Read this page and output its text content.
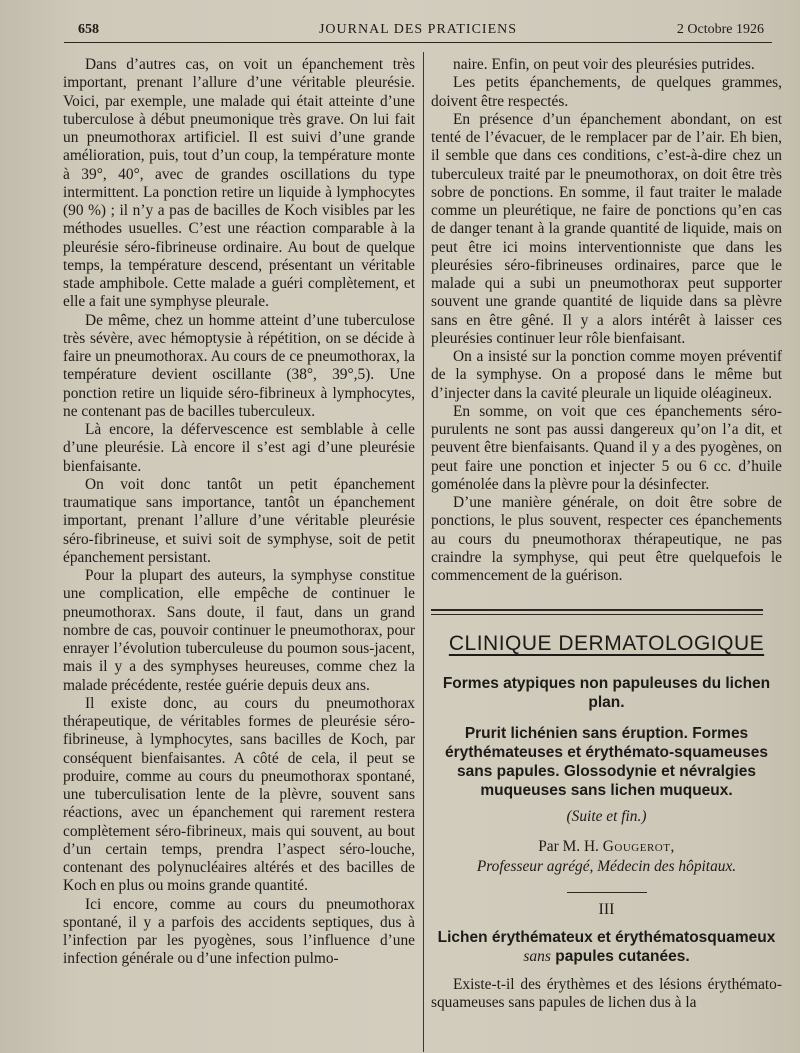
658	JOURNAL DES PRATICIENS	2 Octobre 1926

Dans d’autres cas, on voit un épanchement très important, prenant l’allure d’une véritable pleurésie. Voici, par exemple, une malade qui était atteinte d’une tuberculose à début pneumonique très grave. On lui fait un pneumothorax artificiel. Il est suivi d’une grande amélioration, puis, tout d’un coup, la température monte à 39°, 40°, avec de grandes oscillations du type intermittent. La ponction retire un liquide à lymphocytes (90 %) ; il n’y a pas de bacilles de Koch visibles par les méthodes usuelles. C’est une réaction comparable à la pleurésie séro-fibrineuse ordinaire. Au bout de quelque temps, la température descend, présentant un véritable stade amphibole. Cette malade a guéri complètement, et elle a fait une symphyse pleurale.

De même, chez un homme atteint d’une tuberculose très sévère, avec hémoptysie à répétition, on se décide à faire un pneumothorax. Au cours de ce pneumothorax, la température devient oscillante (38°, 39°,5). Une ponction retire un liquide séro-fibrineux à lymphocytes, ne contenant pas de bacilles tuberculeux.

Là encore, la défervescence est semblable à celle d’une pleurésie. Là encore il s’est agi d’une pleurésie bienfaisante.

On voit donc tantôt un petit épanchement traumatique sans importance, tantôt un épanchement important, prenant l’allure d’une véritable pleurésie séro-fibrineuse, et suivi soit de symphyse, soit de petit épanchement persistant.

Pour la plupart des auteurs, la symphyse constitue une complication, elle empêche de continuer le pneumothorax. Sans doute, il faut, dans un grand nombre de cas, pouvoir continuer le pneumothorax, pour enrayer l’évolution tuberculeuse du poumon sous-jacent, mais il y a des symphyses heureuses, comme chez la malade précédente, restée guérie depuis deux ans.

Il existe donc, au cours du pneumothorax thérapeutique, de véritables formes de pleurésie séro-fibrineuse, à lymphocytes, sans bacilles de Koch, par conséquent bienfaisantes. A côté de cela, il peut se produire, comme au cours du pneumothorax spontané, une tuberculisation lente de la plèvre, souvent sans réactions, avec un épanchement qui rarement restera complètement séro-fibrineux, mais qui souvent, au bout d’un certain temps, prendra l’aspect séro-louche, contenant des polynucléaires altérés et des bacilles de Koch en plus ou moins grande quantité.

Ici encore, comme au cours du pneumothorax spontané, il y a parfois des accidents septiques, dus à l’infection par les pyogènes, sous l’influence d’une infection générale ou d’une infection pulmo-

naire. Enfin, on peut voir des pleurésies putrides.

Les petits épanchements, de quelques grammes, doivent être respectés.

En présence d’un épanchement abondant, on est tenté de l’évacuer, de le remplacer par de l’air. Eh bien, il semble que dans ces conditions, c’est-à-dire chez un tuberculeux traité par le pneumothorax, on doit être très sobre de ponctions. En somme, il faut traiter le malade comme un pleurétique, ne faire de ponctions qu’en cas de danger tenant à la grande quantité de liquide, mais on peut être ici moins interventionniste que dans les pleurésies séro-fibrineuses ordinaires, parce que le malade qui a subi un pneumothorax peut supporter souvent une grande quantité de liquide dans sa plèvre sans en être gêné. Il y a alors intérêt à laisser ces pleurésies continuer leur rôle bienfaisant.

On a insisté sur la ponction comme moyen préventif de la symphyse. On a proposé dans le même but d’injecter dans la cavité pleurale un liquide oléagineux.

En somme, on voit que ces épanchements séro-purulents ne sont pas aussi dangereux qu’on l’a dit, et peuvent être bienfaisants. Quand il y a des pyogènes, on peut faire une ponction et injecter 5 ou 6 cc. d’huile goménolée dans la plèvre pour la désinfecter.

D’une manière générale, on doit être sobre de ponctions, le plus souvent, respecter ces épanchements au cours du pneumothorax thérapeutique, ne pas craindre la symphyse, qui peut être quelquefois le commencement de la guérison.

CLINIQUE DERMATOLOGIQUE
Formes atypiques non papuleuses du lichen plan.
Prurit lichénien sans éruption. Formes érythémateuses et érythémato-squameuses sans papules. Glossodynie et névralgies muqueuses sans lichen muqueux.
(Suite et fin.)
Par M. H. Gougerot,
Professeur agrégé, Médecin des hôpitaux.
III
Lichen érythémateux et érythématosquameux
sans papules cutanées.

Existe-t-il des érythèmes et des lésions érythémato-squameuses sans papules de lichen dus à la
